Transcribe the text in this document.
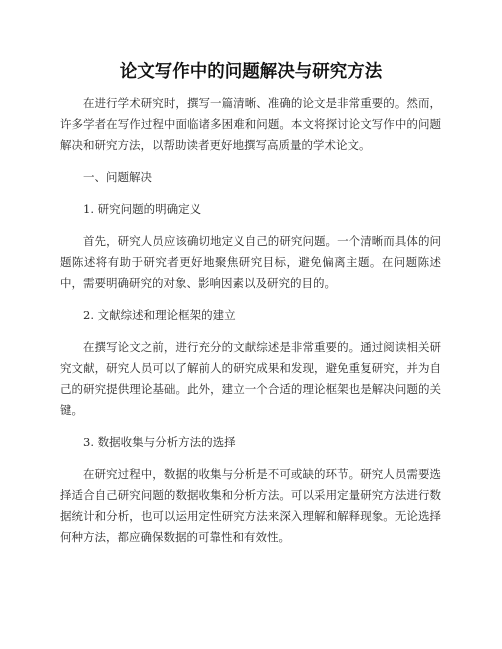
论文写作中的问题解决与研究方法

在进行学术研究时，撰写一篇清晰、准确的论文是非常重要的。然而，许多学者在写作过程中面临诸多困难和问题。本文将探讨论文写作中的问题解决和研究方法，以帮助读者更好地撰写高质量的学术论文。

一、问题解决

1. 研究问题的明确定义

首先，研究人员应该确切地定义自己的研究问题。一个清晰而具体的问题陈述将有助于研究者更好地聚焦研究目标，避免偏离主题。在问题陈述中，需要明确研究的对象、影响因素以及研究的目的。

2. 文献综述和理论框架的建立

在撰写论文之前，进行充分的文献综述是非常重要的。通过阅读相关研究文献，研究人员可以了解前人的研究成果和发现，避免重复研究，并为自己的研究提供理论基础。此外，建立一个合适的理论框架也是解决问题的关键。

3. 数据收集与分析方法的选择

在研究过程中，数据的收集与分析是不可或缺的环节。研究人员需要选择适合自己研究问题的数据收集和分析方法。可以采用定量研究方法进行数据统计和分析，也可以运用定性研究方法来深入理解和解释现象。无论选择何种方法，都应确保数据的可靠性和有效性。
